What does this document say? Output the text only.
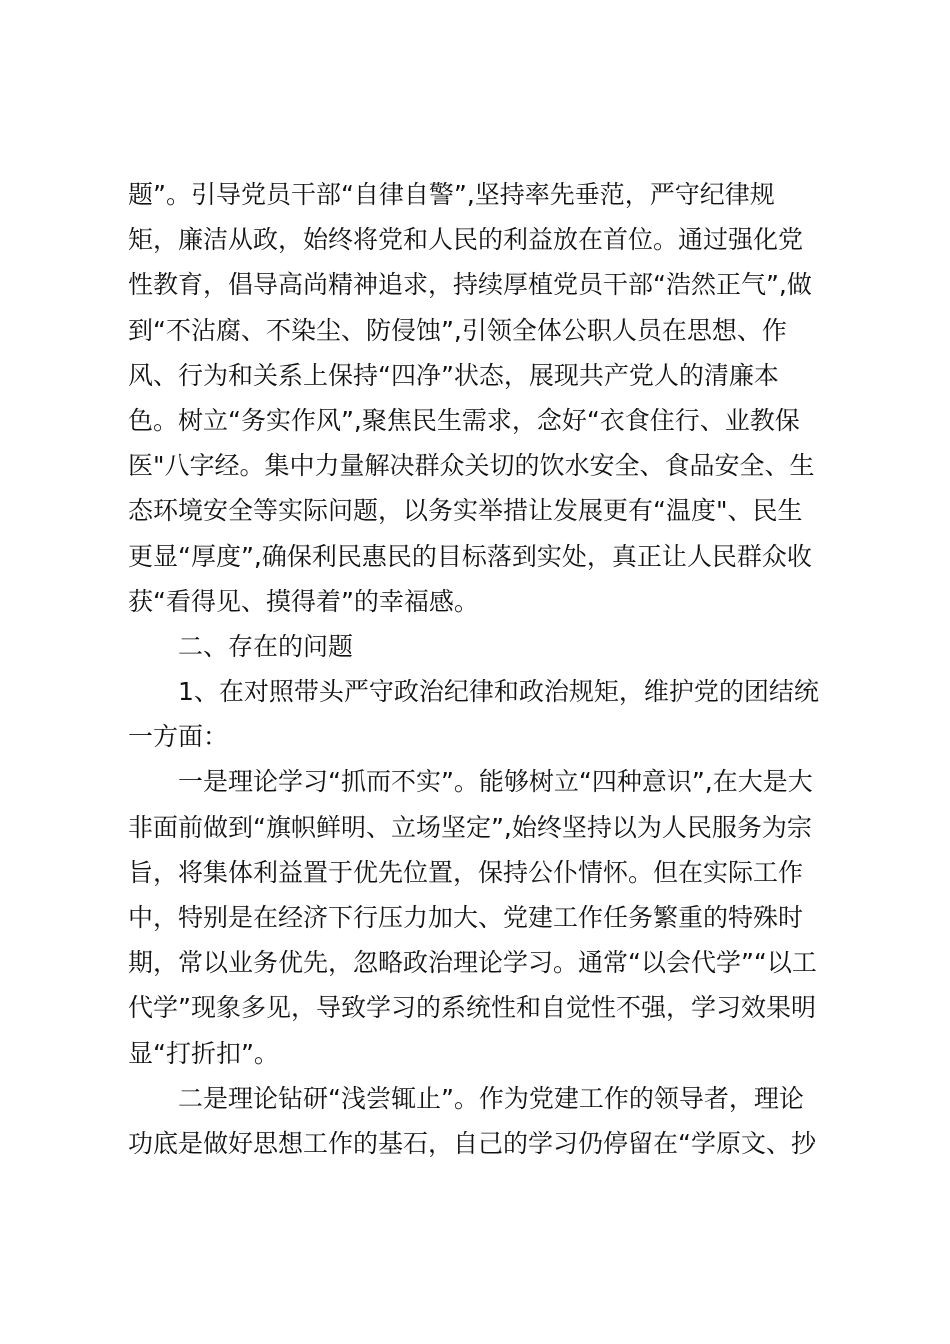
题”。引导党员干部“自律自警”,坚持率先垂范，严守纪律规
矩，廉洁从政，始终将党和人民的利益放在首位。通过强化党
性教育，倡导高尚精神追求，持续厚植党员干部“浩然正气”,做
到“不沾腐、不染尘、防侵蚀”,引领全体公职人员在思想、作
风、行为和关系上保持“四净”状态，展现共产党人的清廉本
色。树立“务实作风”,聚焦民生需求，念好“衣食住行、业教保
医"八字经。集中力量解决群众关切的饮水安全、食品安全、生
态环境安全等实际问题，以务实举措让发展更有“温度"、民生
更显“厚度”,确保利民惠民的目标落到实处，真正让人民群众收
获“看得见、摸得着”的幸福感。
二、存在的问题
1、在对照带头严守政治纪律和政治规矩，维护党的团结统
一方面：
一是理论学习“抓而不实”。能够树立“四种意识”,在大是大
非面前做到“旗帜鲜明、立场坚定”,始终坚持以为人民服务为宗
旨，将集体利益置于优先位置，保持公仆情怀。但在实际工作
中，特别是在经济下行压力加大、党建工作任务繁重的特殊时
期，常以业务优先，忽略政治理论学习。通常“以会代学”“以工
代学”现象多见，导致学习的系统性和自觉性不强，学习效果明
显“打折扣”。
二是理论钻研“浅尝辄止”。作为党建工作的领导者，理论
功底是做好思想工作的基石，自己的学习仍停留在“学原文、抄
